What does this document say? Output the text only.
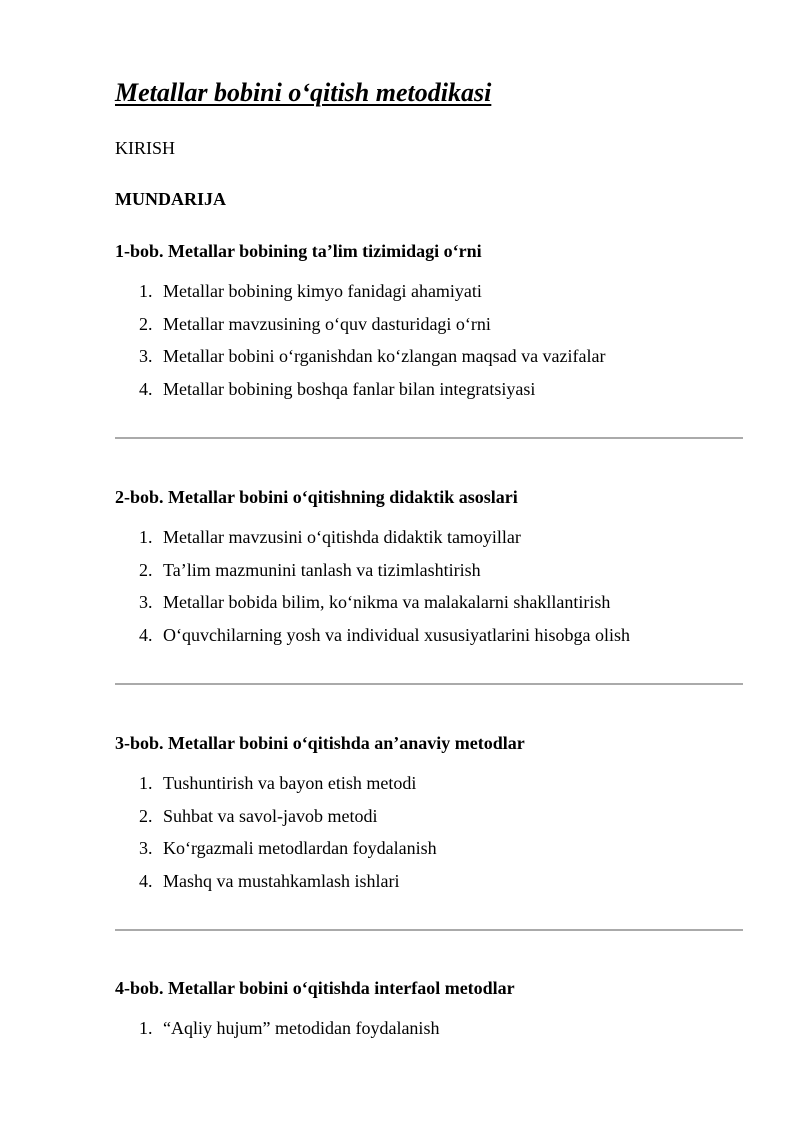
Metallar bobini o‘qitish metodikasi
KIRISH
MUNDARIJA
1-bob. Metallar bobining ta’lim tizimidagi o‘rni
1. Metallar bobining kimyo fanidagi ahamiyati
2. Metallar mavzusining o‘quv dasturidagi o‘rni
3. Metallar bobini o‘rganishdan ko‘zlangan maqsad va vazifalar
4. Metallar bobining boshqa fanlar bilan integratsiyasi
2-bob. Metallar bobini o‘qitishning didaktik asoslari
1. Metallar mavzusini o‘qitishda didaktik tamoyillar
2. Ta’lim mazmunini tanlash va tizimlashtirish
3. Metallar bobida bilim, ko‘nikma va malakalarni shakllantirish
4. O‘quvchilarning yosh va individual xususiyatlarini hisobga olish
3-bob. Metallar bobini o‘qitishda an’anaviy metodlar
1. Tushuntirish va bayon etish metodi
2. Suhbat va savol-javob metodi
3. Ko‘rgazmali metodlardan foydalanish
4. Mashq va mustahkamlash ishlari
4-bob. Metallar bobini o‘qitishda interfaol metodlar
1. “Aqliy hujum” metodidan foydalanish
